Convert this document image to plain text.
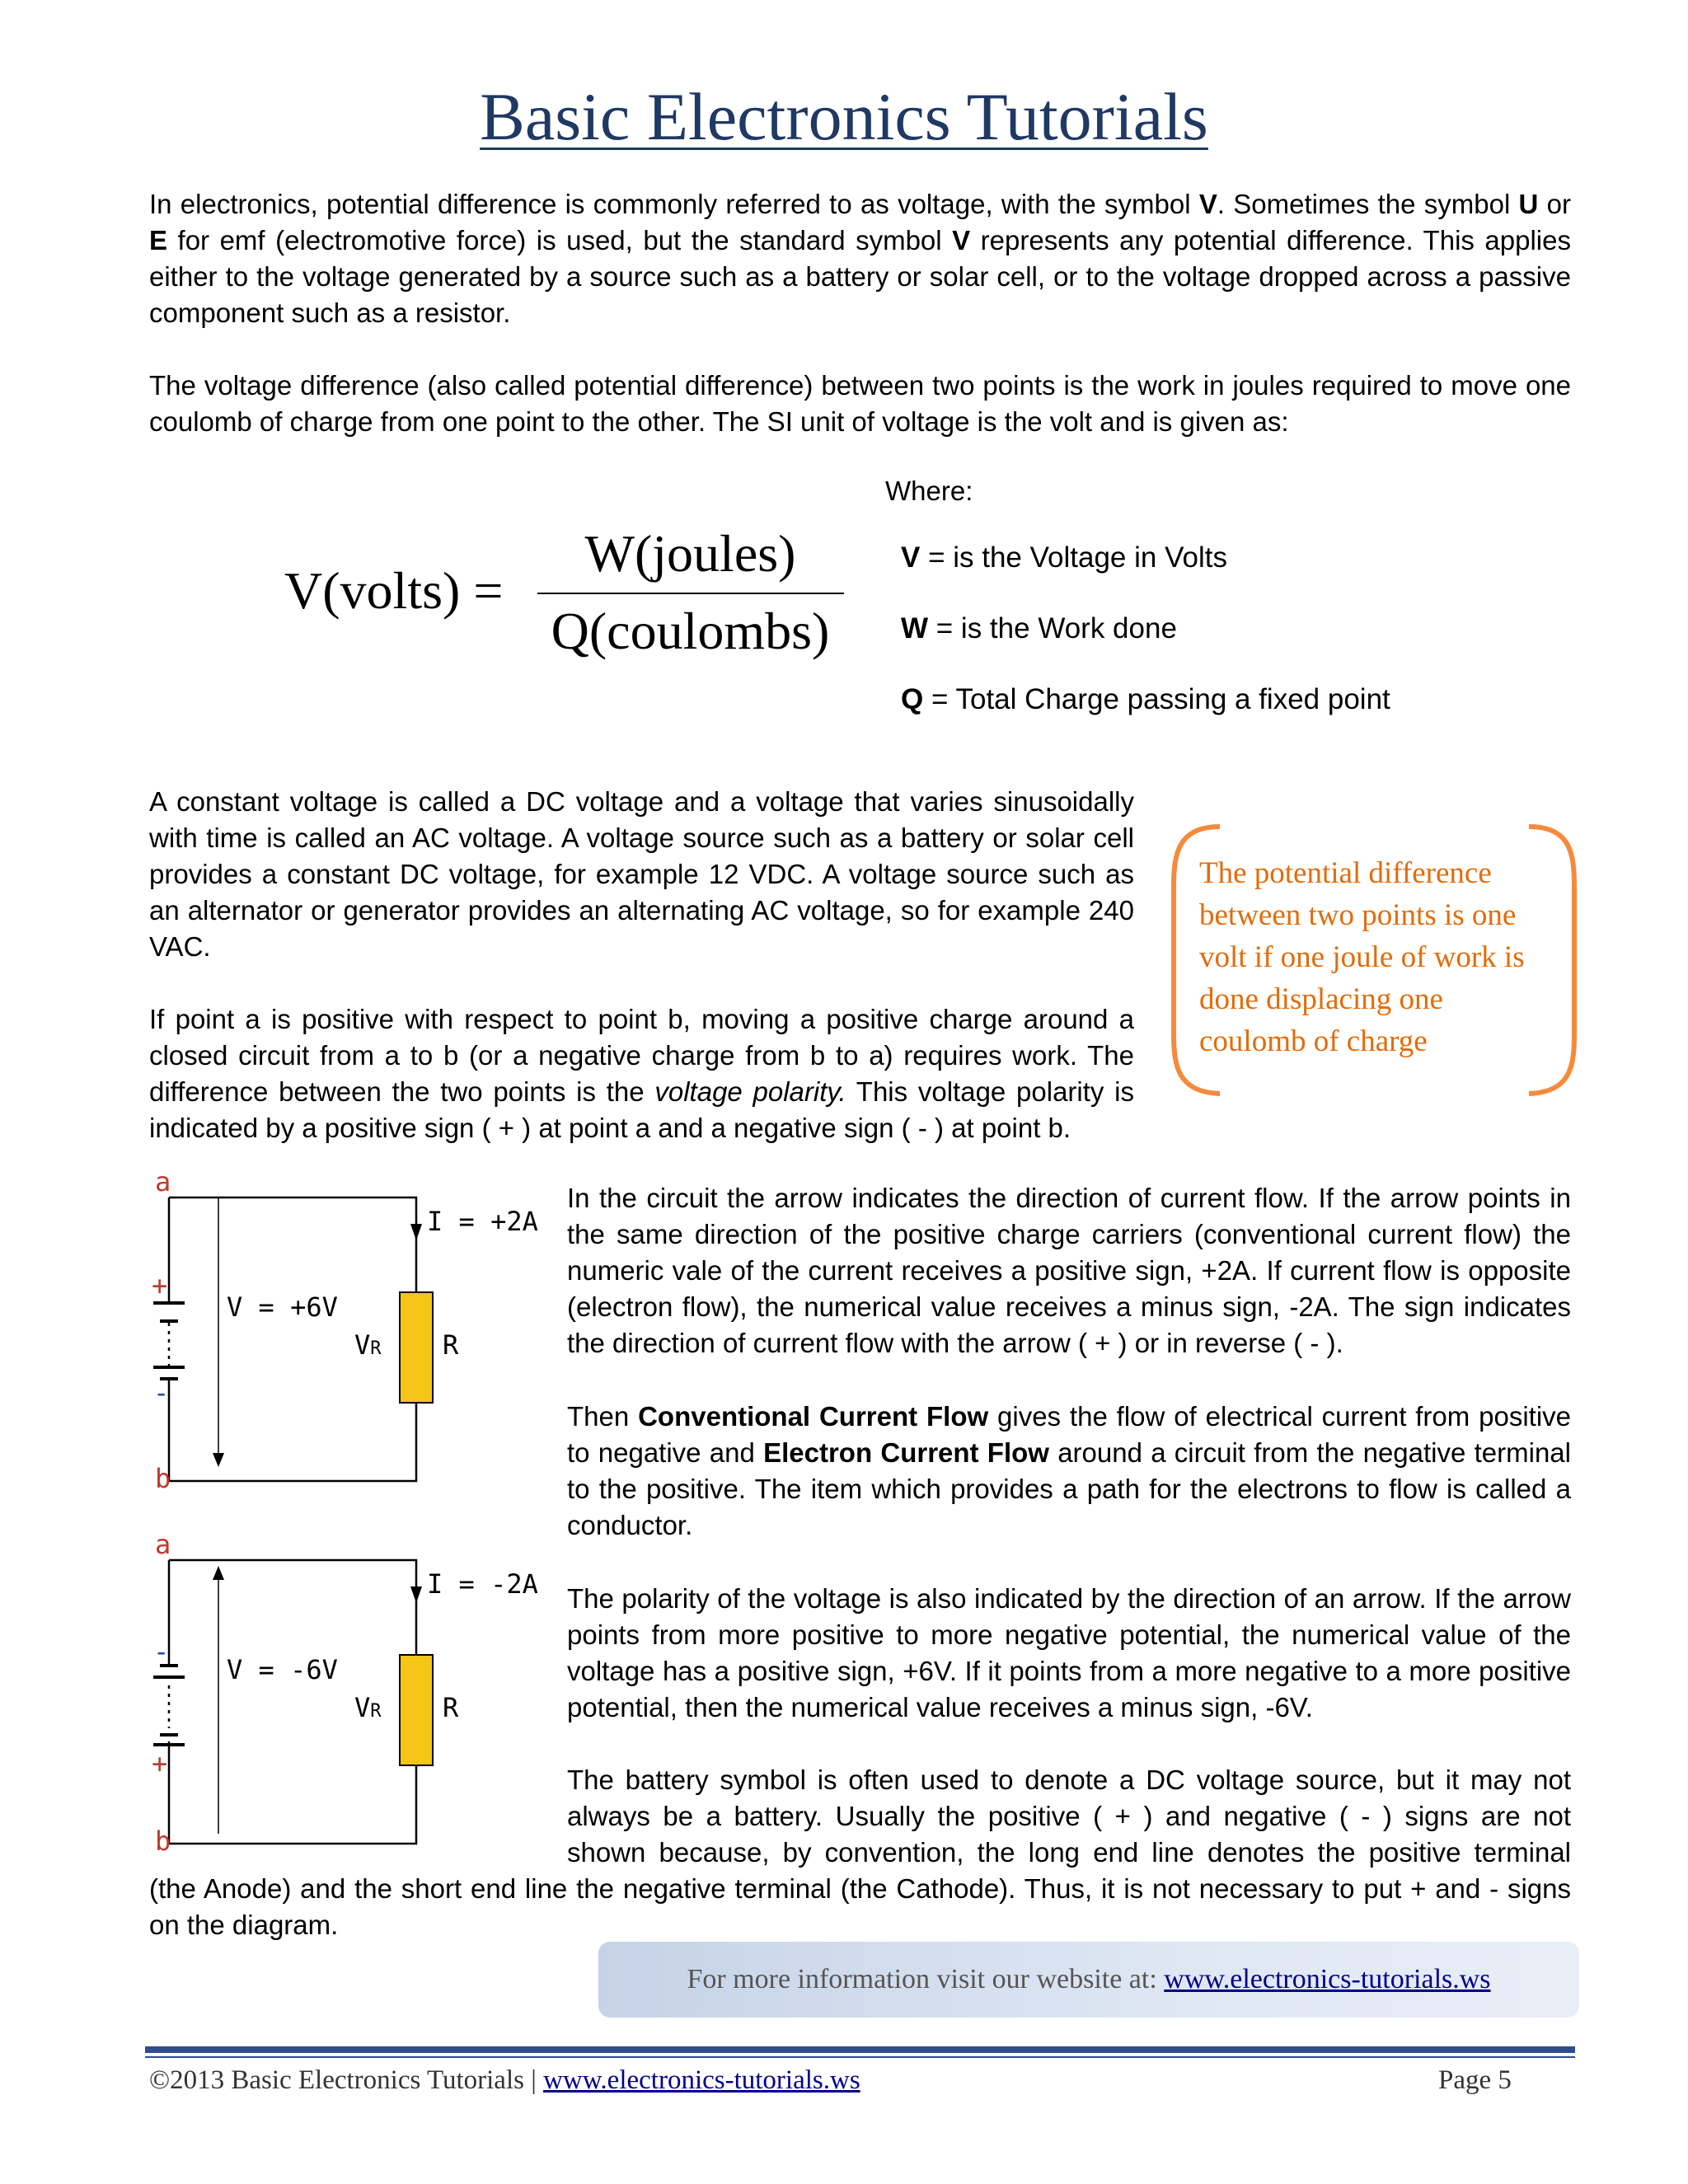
Basic Electronics Tutorials
In electronics, potential difference is commonly referred to as voltage, with the symbol V. Sometimes the symbol U or E for emf (electromotive force) is used, but the standard symbol V represents any potential difference. This applies either to the voltage generated by a source such as a battery or solar cell, or to the voltage dropped across a passive component such as a resistor.
The voltage difference (also called potential difference) between two points is the work in joules required to move one coulomb of charge from one point to the other. The SI unit of voltage is the volt and is given as:
V(volts) =
W(joules)
Q(coulombs)
Where:
V = is the Voltage in Volts
W = is the Work done
Q = Total Charge passing a fixed point
A constant voltage is called a DC voltage and a voltage that varies sinusoidally with time is called an AC voltage. A voltage source such as a battery or solar cell provides a constant DC voltage, for example 12 VDC. A voltage source such as an alternator or generator provides an alternating AC voltage, so for example 240 VAC.
If point a is positive with respect to point b, moving a positive charge around a closed circuit from a to b (or a negative charge from b to a) requires work. The difference between the two points is the voltage polarity. This voltage polarity is indicated by a positive sign ( + ) at point a and a negative sign ( - ) at point b.
The potential difference between two points is one volt if one joule of work is done displacing one coulomb of charge
a
b
+
-
I = +2A
V = +6V
VR R
a
b
-
+
I = -2A
V = -6V
VR R
In the circuit the arrow indicates the direction of current flow. If the arrow points in the same direction of the positive charge carriers (conventional current flow) the numeric vale of the current receives a positive sign, +2A. If current flow is opposite (electron flow), the numerical value receives a minus sign, -2A. The sign indicates the direction of current flow with the arrow ( + ) or in reverse ( - ).
Then Conventional Current Flow gives the flow of electrical current from positive to negative and Electron Current Flow around a circuit from the negative terminal to the positive. The item which provides a path for the electrons to flow is called a conductor.
The polarity of the voltage is also indicated by the direction of an arrow. If the arrow points from more positive to more negative potential, the numerical value of the voltage has a positive sign, +6V. If it points from a more negative to a more positive potential, then the numerical value receives a minus sign, -6V.
The battery symbol is often used to denote a DC voltage source, but it may not
always be a battery. Usually the positive ( + ) and negative ( - ) signs are not
shown because, by convention, the long end line denotes the positive terminal
(the Anode) and the short end line the negative terminal (the Cathode). Thus, it is not necessary to put + and - signs on the diagram.
For more information visit our website at: www.electronics-tutorials.ws
©2013 Basic Electronics Tutorials | www.electronics-tutorials.ws	Page 5
